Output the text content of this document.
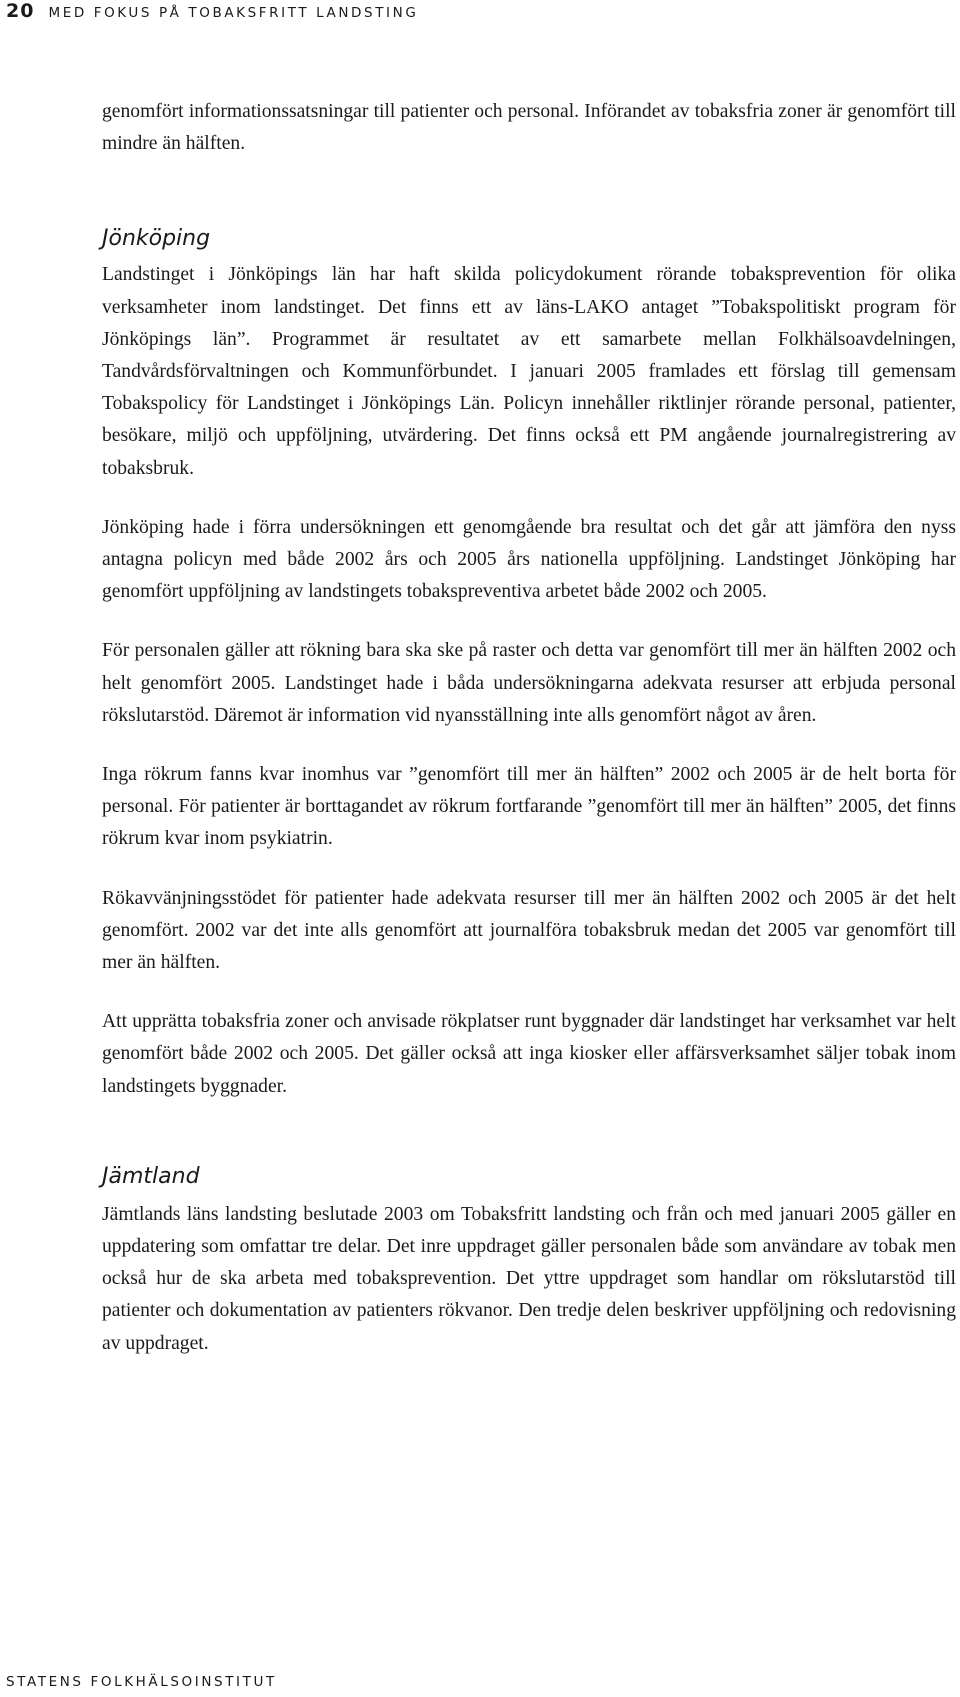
20 MED FOKUS PÅ TOBAKSFRITT LANDSTING

genomfört informationssatsningar till patienter och personal. Införandet av tobaksfria zoner är genomfört till mindre än hälften.

Jönköping

Landstinget i Jönköpings län har haft skilda policydokument rörande tobaksprevention för olika verksamheter inom landstinget. Det finns ett av läns-LAKO antaget ”Tobakspolitiskt program för Jönköpings län”. Programmet är resultatet av ett samarbete mellan Folkhälsoavdelningen, Tandvårdsförvaltningen och Kommunförbundet. I januari 2005 framlades ett förslag till gemensam Tobakspolicy för Landstinget i Jönköpings Län. Policyn innehåller riktlinjer rörande personal, patienter, besökare, miljö och uppföljning, utvärdering. Det finns också ett PM angående journalregistrering av tobaksbruk.

Jönköping hade i förra undersökningen ett genomgående bra resultat och det går att jämföra den nyss antagna policyn med både 2002 års och 2005 års nationella uppföljning. Landstinget Jönköping har genomfört uppföljning av landstingets tobakspreventiva arbetet både 2002 och 2005.

För personalen gäller att rökning bara ska ske på raster och detta var genomfört till mer än hälften 2002 och helt genomfört 2005. Landstinget hade i båda undersökningarna adekvata resurser att erbjuda personal rökslutarstöd. Däremot är information vid nyansställning inte alls genomfört något av åren.

Inga rökrum fanns kvar inomhus var ”genomfört till mer än hälften” 2002 och 2005 är de helt borta för personal. För patienter är borttagandet av rökrum fortfarande ”genomfört till mer än hälften” 2005, det finns rökrum kvar inom psykiatrin.

Rökavvänjningsstödet för patienter hade adekvata resurser till mer än hälften 2002 och 2005 är det helt genomfört. 2002 var det inte alls genomfört att journalföra tobaksbruk medan det 2005 var genomfört till mer än hälften.

Att upprätta tobaksfria zoner och anvisade rökplatser runt byggnader där landstinget har verksamhet var helt genomfört både 2002 och 2005. Det gäller också att inga kiosker eller affärsverksamhet säljer tobak inom landstingets byggnader.

Jämtland

Jämtlands läns landsting beslutade 2003 om Tobaksfritt landsting och från och med januari 2005 gäller en uppdatering som omfattar tre delar. Det inre uppdraget gäller personalen både som användare av tobak men också hur de ska arbeta med tobaksprevention. Det yttre uppdraget som handlar om rökslutarstöd till patienter och dokumentation av patienters rökvanor. Den tredje delen beskriver uppföljning och redovisning av uppdraget.

STATENS FOLKHÄLSOINSTITUT
